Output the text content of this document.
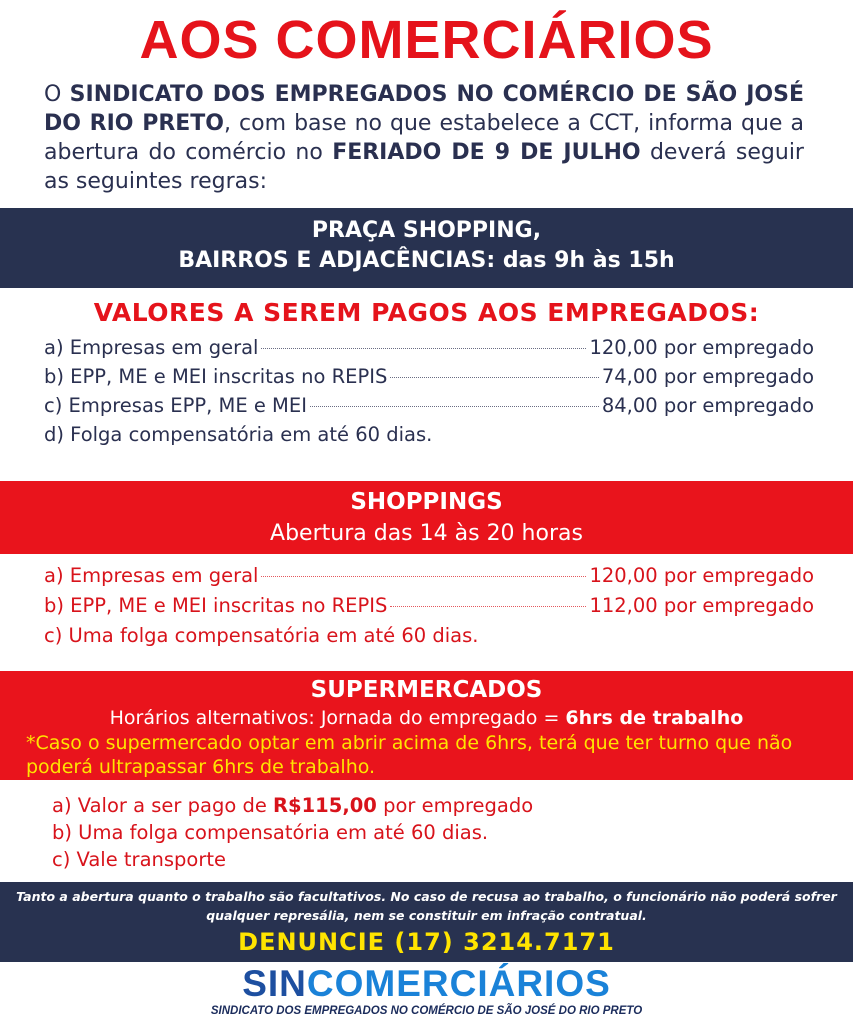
AOS COMERCIÁRIOS
O SINDICATO DOS EMPREGADOS NO COMÉRCIO DE SÃO JOSÉ DO RIO PRETO, com base no que estabelece a CCT, informa que a abertura do comércio no FERIADO DE 9 DE JULHO deverá seguir as seguintes regras:
PRAÇA SHOPPING,
BAIRROS E ADJACÊNCIAS: das 9h às 15h
VALORES A SEREM PAGOS AOS EMPREGADOS:
a) Empresas em geral	120,00 por empregado
b) EPP, ME e MEI inscritas no REPIS	74,00 por empregado
c) Empresas EPP, ME e MEI	84,00 por empregado
d) Folga compensatória em até 60 dias.
SHOPPINGS
Abertura das 14 às 20 horas
a) Empresas em geral	120,00 por empregado
b) EPP, ME e MEI inscritas no REPIS	112,00 por empregado
c) Uma folga compensatória em até 60 dias.
SUPERMERCADOS
Horários alternativos: Jornada do empregado = 6hrs de trabalho
*Caso o supermercado optar em abrir acima de 6hrs, terá que ter turno que não poderá ultrapassar 6hrs de trabalho.
a) Valor a ser pago de R$115,00 por empregado
b) Uma folga compensatória em até 60 dias.
c) Vale transporte
Tanto a abertura quanto o trabalho são facultativos. No caso de recusa ao trabalho, o funcionário não poderá sofrer qualquer represália, nem se constituir em infração contratual.
DENUNCIE (17) 3214.7171
SINCOMERCIÁRIOS
SINDICATO DOS EMPREGADOS NO COMÉRCIO DE SÃO JOSÉ DO RIO PRETO
